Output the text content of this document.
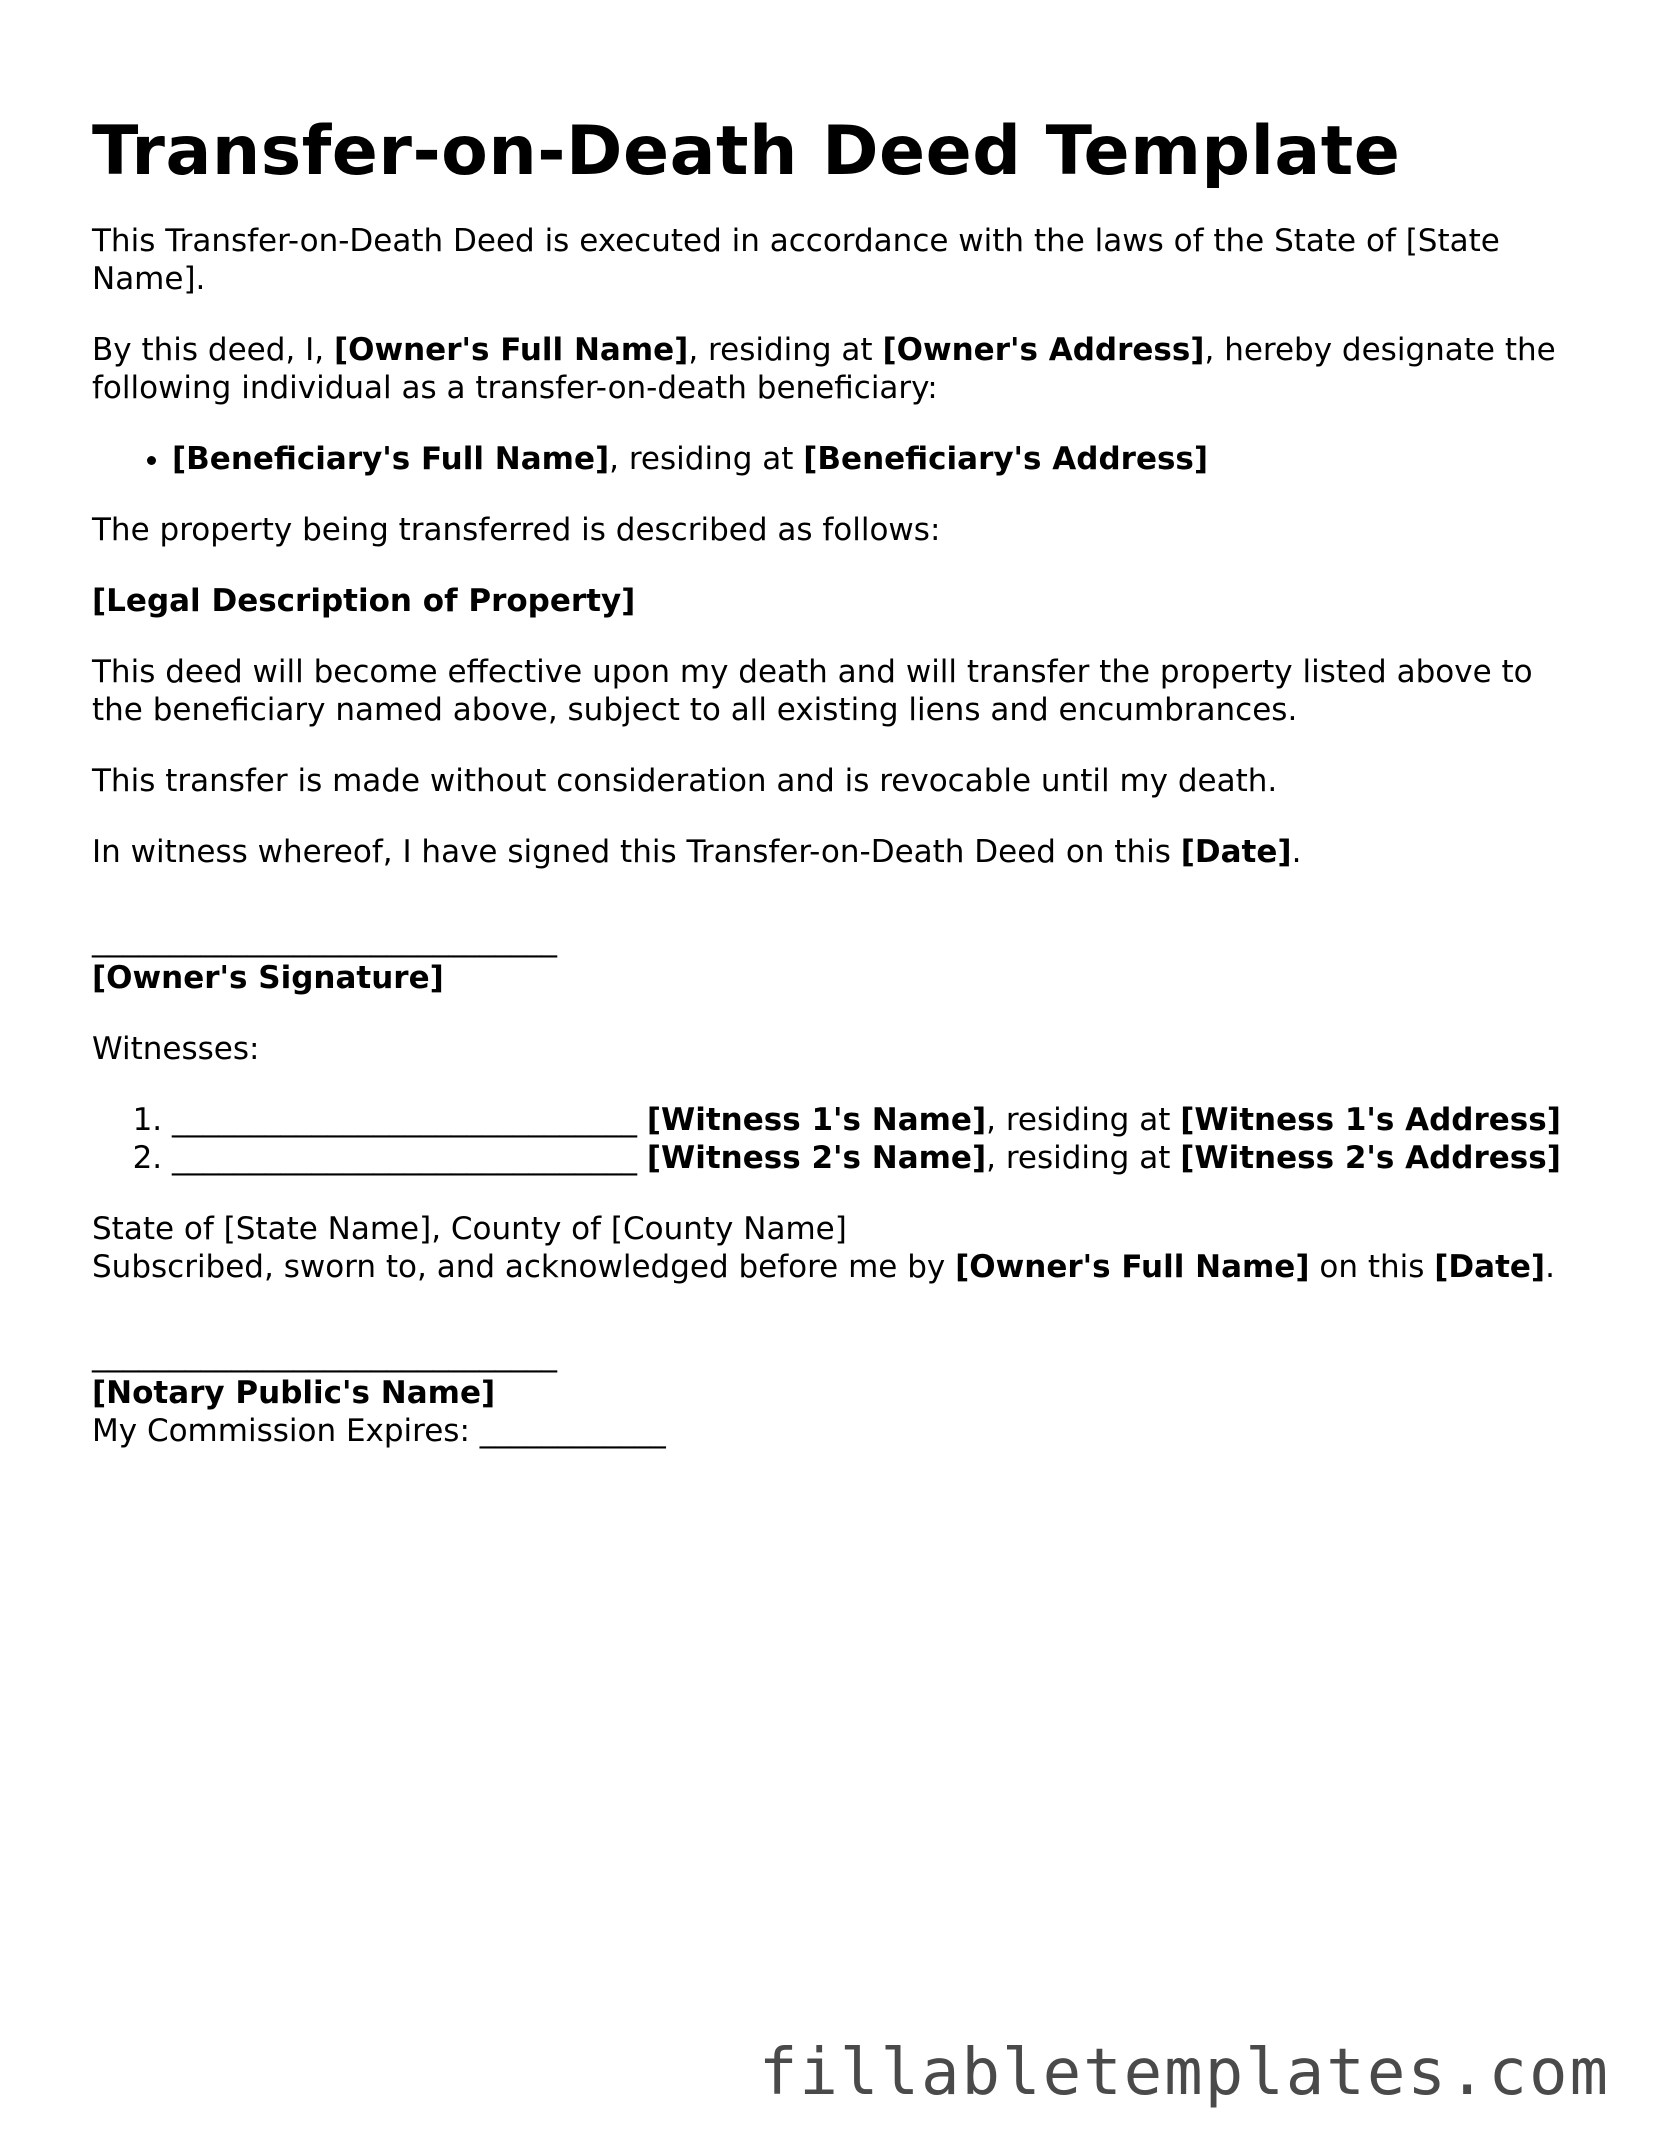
Transfer-on-Death Deed Template

This Transfer-on-Death Deed is executed in accordance with the laws of the State of [State Name].

By this deed, I, [Owner's Full Name], residing at [Owner's Address], hereby designate the following individual as a transfer-on-death beneficiary:

• [Beneficiary's Full Name], residing at [Beneficiary's Address]

The property being transferred is described as follows:

[Legal Description of Property]

This deed will become effective upon my death and will transfer the property listed above to the beneficiary named above, subject to all existing liens and encumbrances.

This transfer is made without consideration and is revocable until my death.

In witness whereof, I have signed this Transfer-on-Death Deed on this [Date].

______________________________
[Owner's Signature]

Witnesses:

1. ______________________________ [Witness 1's Name], residing at [Witness 1's Address]
2. ______________________________ [Witness 2's Name], residing at [Witness 2's Address]

State of [State Name], County of [County Name]
Subscribed, sworn to, and acknowledged before me by [Owner's Full Name] on this [Date].

______________________________
[Notary Public's Name]
My Commission Expires: ____________

fillabletemplates.com
